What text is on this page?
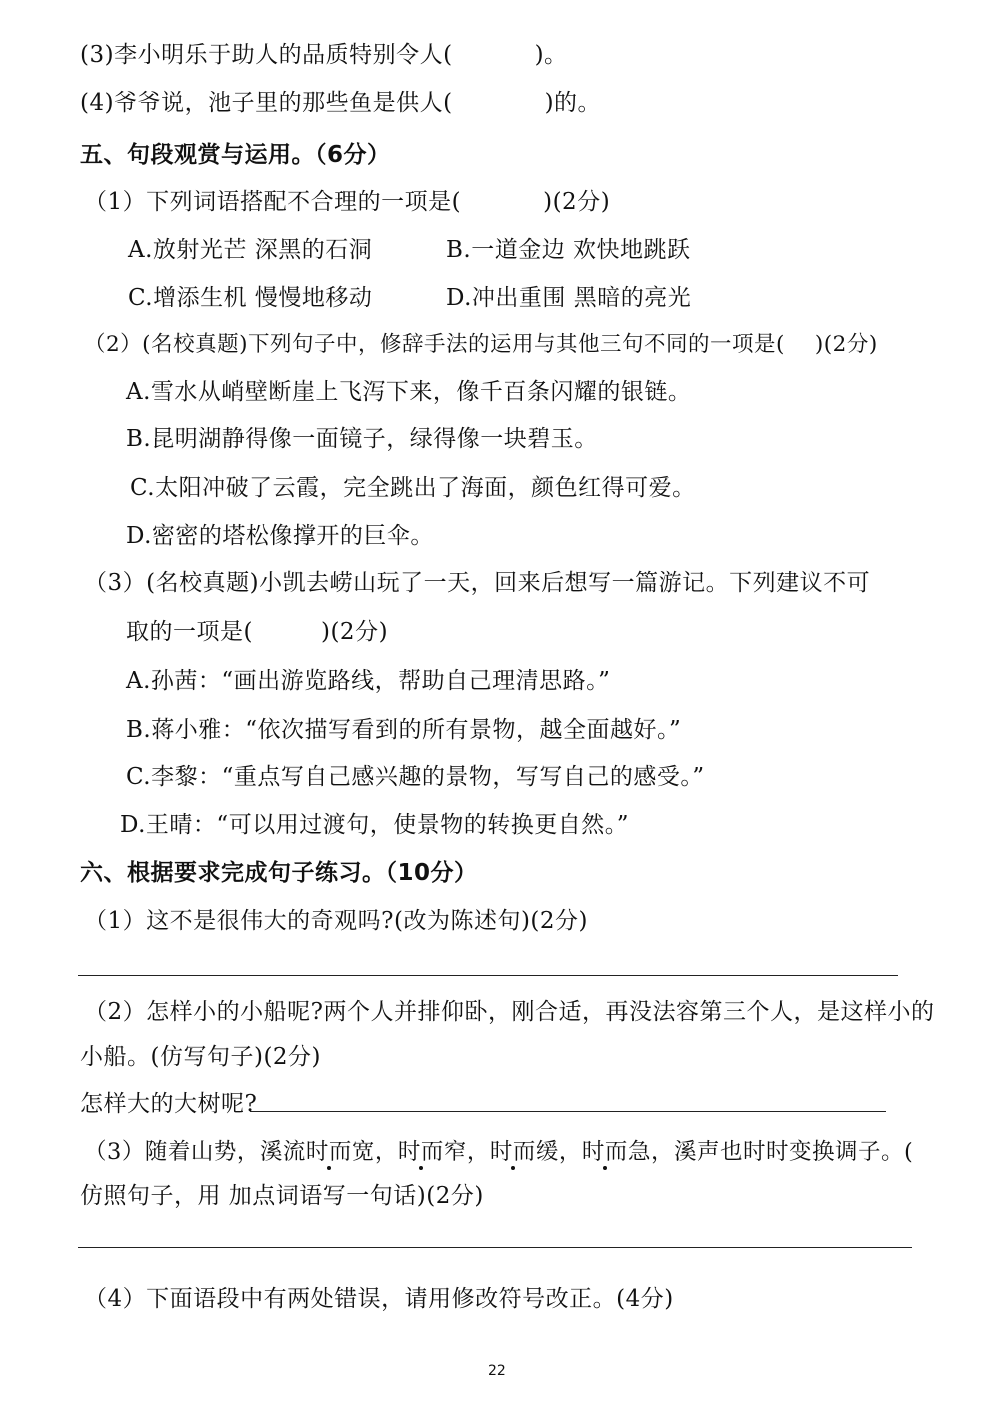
(3)李小明乐于助人的品质特别令人(	)。
(4)爷爷说，池子里的那些鱼是供人(	)的。
五、句段观赏与运用。（6分）
（1）下列词语搭配不合理的一项是(	)(2分)
A.放射光芒 深黑的石洞	B.一道金边 欢快地跳跃
C.增添生机 慢慢地移动	D.冲出重围 黑暗的亮光
（2）(名校真题)下列句子中，修辞手法的运用与其他三句不同的一项是( )(2分)
A.雪水从峭壁断崖上飞泻下来，像千百条闪耀的银链。
B.昆明湖静得像一面镜子，绿得像一块碧玉。
C.太阳冲破了云霞，完全跳出了海面，颜色红得可爱。
D.密密的塔松像撑开的巨伞。
（3）(名校真题)小凯去崂山玩了一天，回来后想写一篇游记。下列建议不可
取的一项是(	)(2分)
A.孙茜：“画出游览路线，帮助自己理清思路。”
B.蒋小雅：“依次描写看到的所有景物，越全面越好。”
C.李黎：“重点写自己感兴趣的景物，写写自己的感受。”
D.王晴：“可以用过渡句，使景物的转换更自然。”
六、根据要求完成句子练习。（10分）
（1）这不是很伟大的奇观吗?(改为陈述句)(2分)
（2）怎样小的小船呢?两个人并排仰卧，刚合适，再没法容第三个人，是这样小的
小船。(仿写句子)(2分)
怎样大的大树呢?
（3）随着山势，溪流时而宽，时而窄，时而缓，时而急，溪声也时时变换调子。(
仿照句子，用 加点词语写一句话)(2分)
（4）下面语段中有两处错误，请用修改符号改正。(4分)
22
